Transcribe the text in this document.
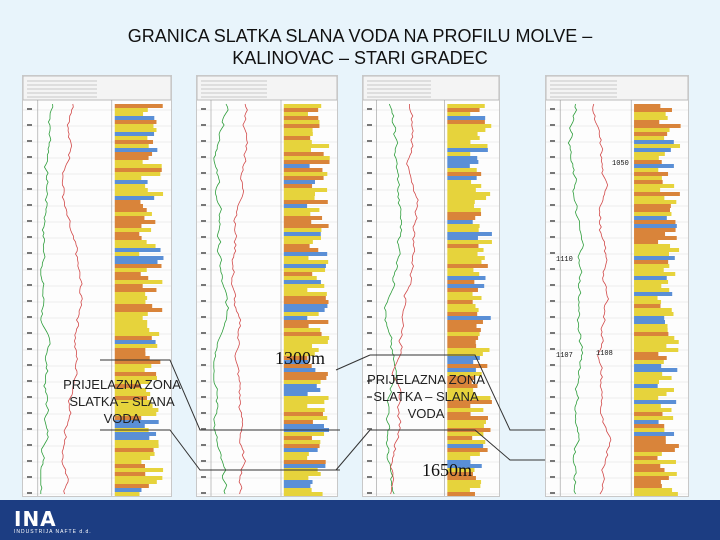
GRANICA SLATKA SLANA VODA NA PROFILU MOLVE –
KALINOVAC – STARI GRADEC
1300m
1650m
PRIJELAZNA ZONA
SLATKA – SLANA
VODA
PRIJELAZNA ZONA
SLATKA – SLANA
VODA
1050
1110
1107	1108
INA
INDUSTRIJA NAFTE d.d.
